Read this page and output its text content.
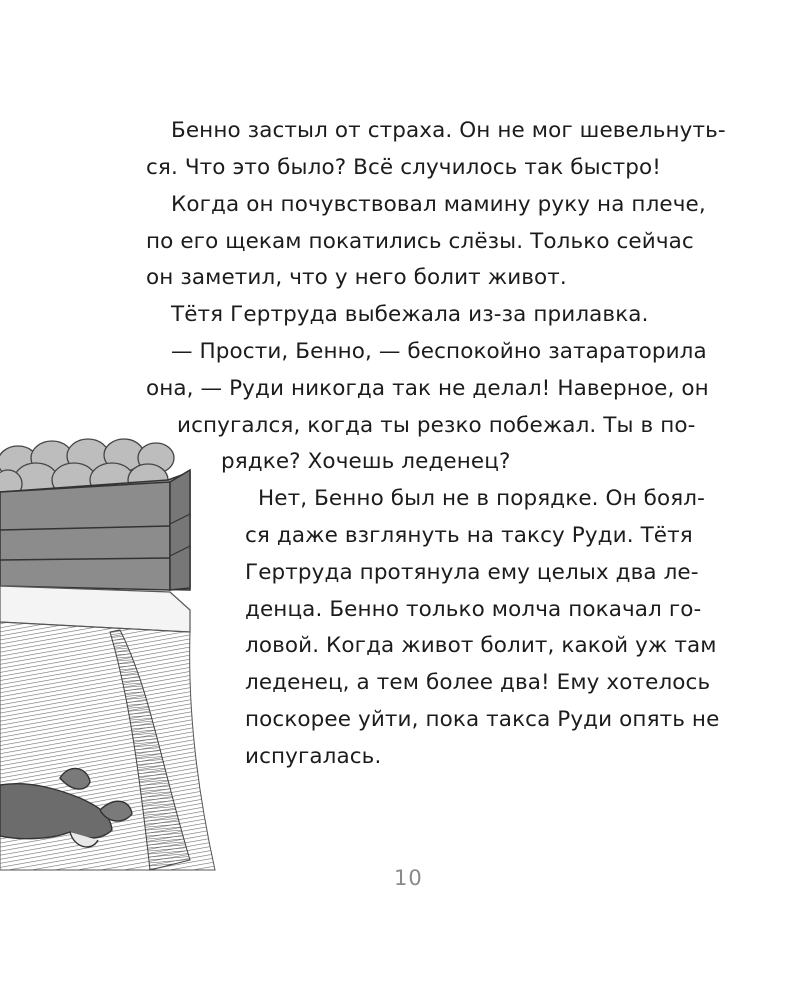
Бенно застыл от страха. Он не мог шевельнуть-
ся. Что это было? Всё случилось так быстро!
Когда он почувствовал мамину руку на плече,
по его щекам покатились слёзы. Только сейчас
он заметил, что у него болит живот.
Тётя Гертруда выбежала из-за прилавка.
— Прости, Бенно, — беспокойно затараторила
она, — Руди никогда так не делал! Наверное, он
испугался, когда ты резко побежал. Ты в по-
рядке? Хочешь леденец?
Нет, Бенно был не в порядке. Он боял-
ся даже взглянуть на таксу Руди. Тётя
Гертруда протянула ему целых два ле-
денца. Бенно только молча покачал го-
ловой. Когда живот болит, какой уж там
леденец, а тем более два! Ему хотелось
поскорее уйти, пока такса Руди опять не
испугалась.
10
